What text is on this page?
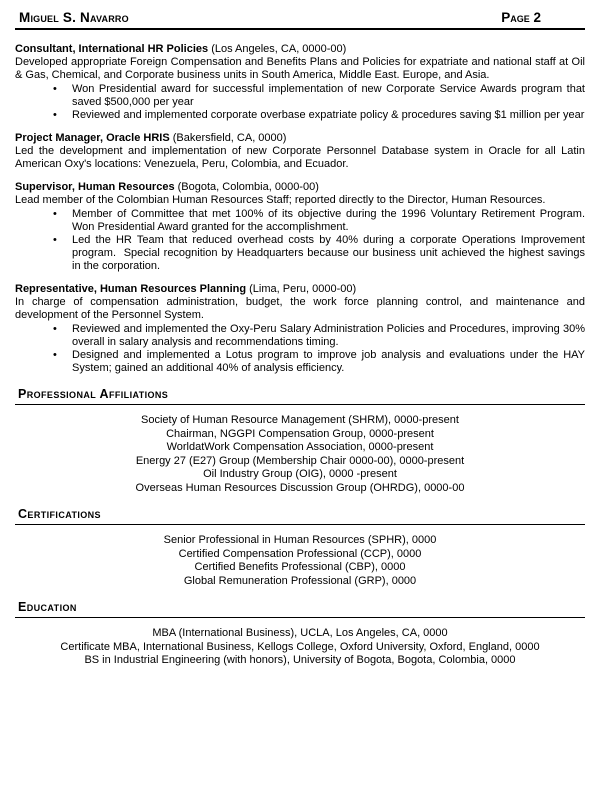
Miguel S. Navarro	Page 2

Consultant, International HR Policies (Los Angeles, CA, 0000-00)

Developed appropriate Foreign Compensation and Benefits Plans and Policies for expatriate and national staff at Oil & Gas, Chemical, and Corporate business units in South America, Middle East. Europe, and Asia.

• Won Presidential award for successful implementation of new Corporate Service Awards program that saved $500,000 per year
• Reviewed and implemented corporate overbase expatriate policy & procedures saving $1 million per year

Project Manager, Oracle HRIS (Bakersfield, CA, 0000)

Led the development and implementation of new Corporate Personnel Database system in Oracle for all Latin American Oxy's locations: Venezuela, Peru, Colombia, and Ecuador.

Supervisor, Human Resources (Bogota, Colombia, 0000-00)

Lead member of the Colombian Human Resources Staff; reported directly to the Director, Human Resources.

• Member of Committee that met 100% of its objective during the 1996 Voluntary Retirement Program.  Won Presidential Award granted for the accomplishment.
• Led the HR Team that reduced overhead costs by 40% during a corporate Operations Improvement program.  Special recognition by Headquarters because our business unit achieved the highest savings in the corporation.

Representative, Human Resources Planning (Lima, Peru, 0000-00)

In charge of compensation administration, budget, the work force planning control, and maintenance and development of the Personnel System.

• Reviewed and implemented the Oxy-Peru Salary Administration Policies and Procedures, improving 30% overall in salary analysis and recommendations timing.
• Designed and implemented a Lotus program to improve job analysis and evaluations under the HAY System; gained an additional 40% of analysis efficiency.
Professional Affiliations
Society of Human Resource Management (SHRM), 0000-present
Chairman, NGGPI Compensation Group, 0000-present
WorldatWork Compensation Association, 0000-present
Energy 27 (E27) Group (Membership Chair 0000-00), 0000-present
Oil Industry Group (OIG), 0000 -present
Overseas Human Resources Discussion Group (OHRDG), 0000-00
Certifications
Senior Professional in Human Resources (SPHR), 0000
Certified Compensation Professional (CCP), 0000
Certified Benefits Professional (CBP), 0000
Global Remuneration Professional (GRP), 0000
Education
MBA (International Business), UCLA, Los Angeles, CA, 0000
Certificate MBA, International Business, Kellogs College, Oxford University, Oxford, England, 0000
BS in Industrial Engineering (with honors), University of Bogota, Bogota, Colombia, 0000
